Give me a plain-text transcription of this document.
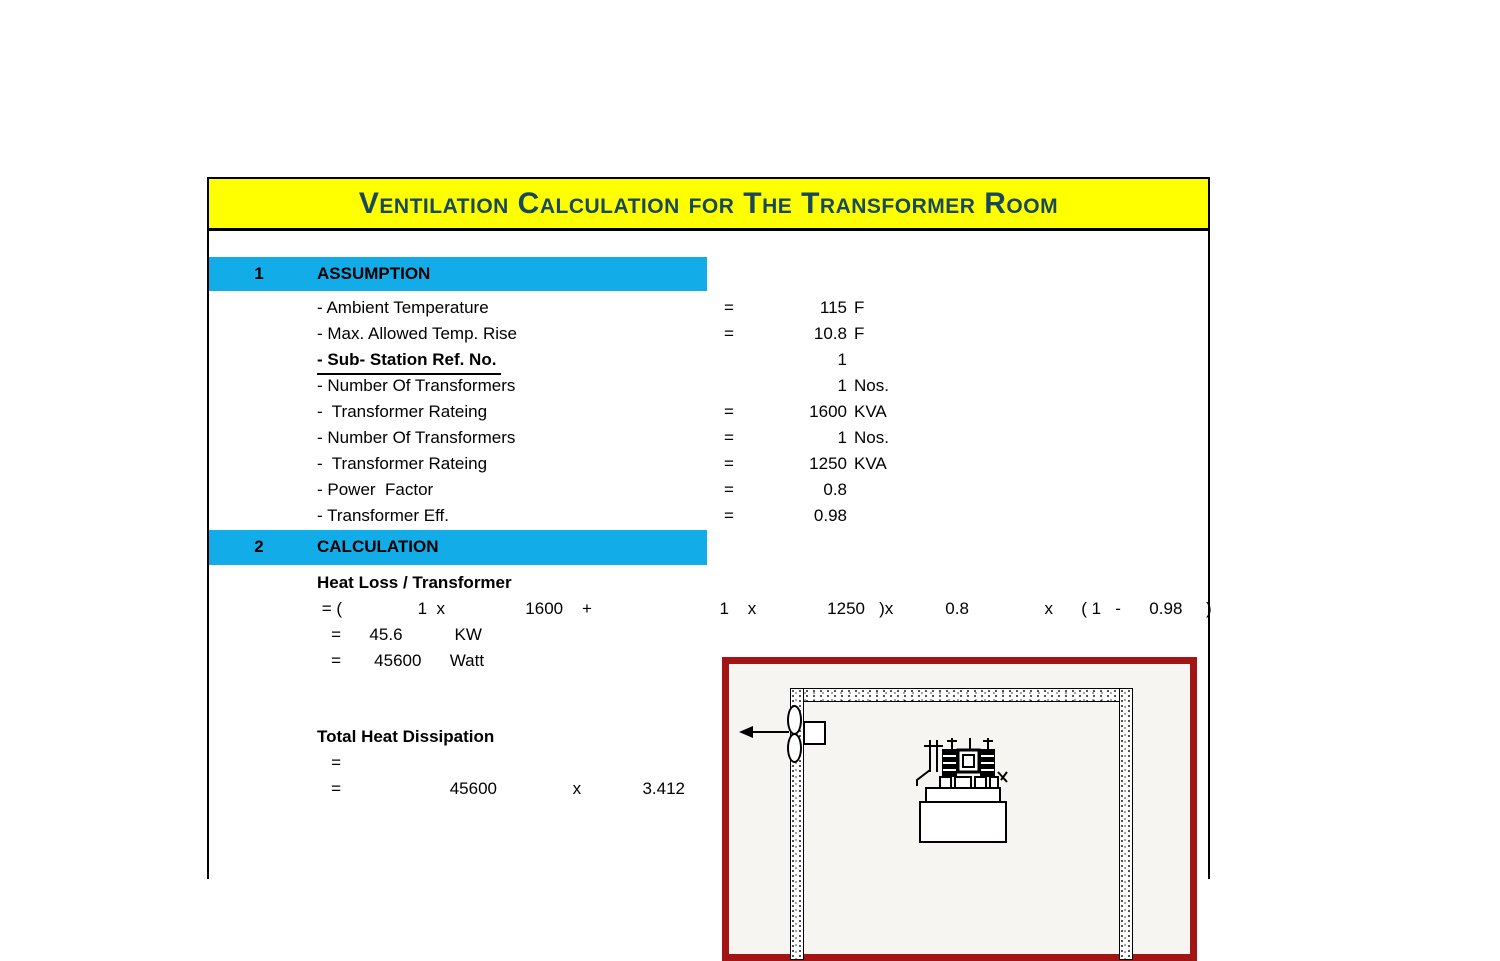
Ventilation Calculation for The Transformer Room
1	ASSUMPTION
- Ambient Temperature	=	115 F
- Max. Allowed Temp. Rise	=	10.8 F
- Sub- Station Ref. No.	1
- Number Of Transformers	1 Nos.
-  Transformer Rateing	=	1600 KVA
- Number Of Transformers	=	1 Nos.
-  Transformer Rateing	=	1250 KVA
- Power  Factor	=	0.8
- Transformer Eff.	=	0.98
2	CALCULATION
Heat Loss / Transformer
= (                1  x                 1600    +                           1    x               1250   )x           0.8                x      ( 1   -      0.98     )
=      45.6           KW
=       45600      Watt
Total Heat Dissipation
=
=                       45600                x             3.412
